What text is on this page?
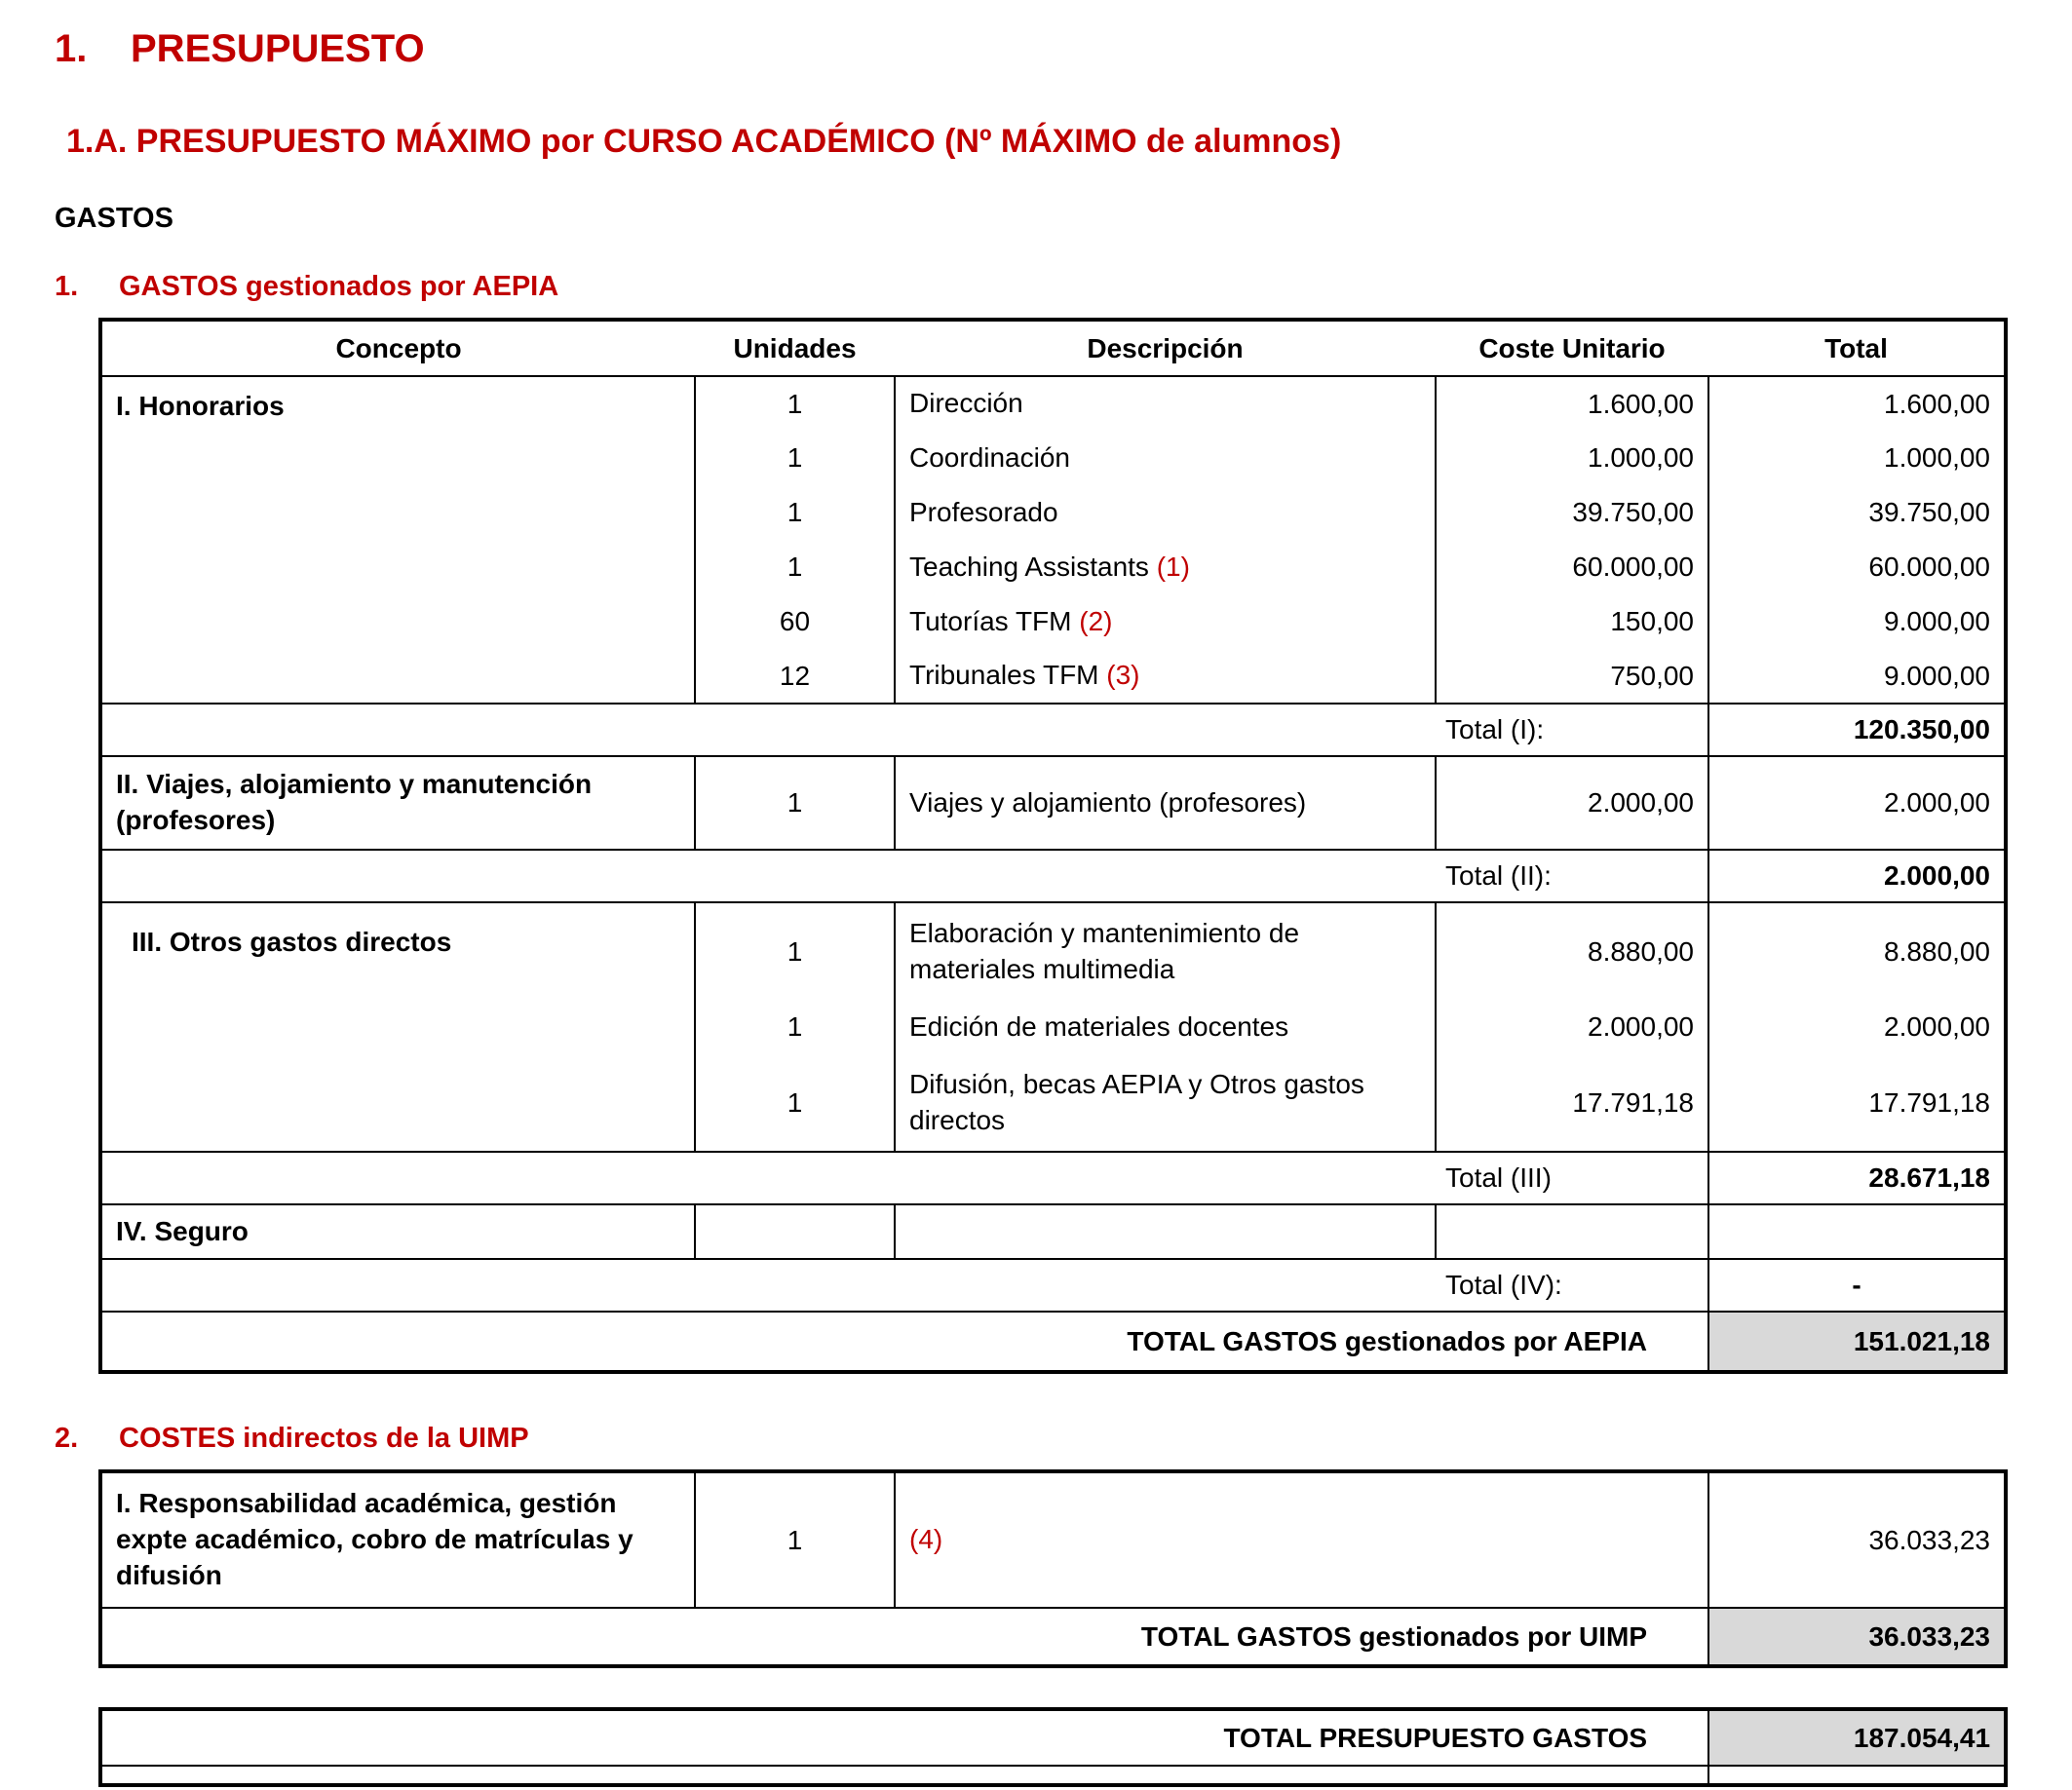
1.	PRESUPUESTO
1.A. PRESUPUESTO MÁXIMO por CURSO ACADÉMICO (Nº MÁXIMO de alumnos)
GASTOS
1.	GASTOS gestionados por AEPIA
Concepto	Unidades	Descripción	Coste Unitario	Total
I. Honorarios	1	Dirección	1.600,00	1.600,00
	1	Coordinación	1.000,00	1.000,00
	1	Profesorado	39.750,00	39.750,00
	1	Teaching Assistants (1)	60.000,00	60.000,00
	60	Tutorías TFM (2)	150,00	9.000,00
	12	Tribunales TFM (3)	750,00	9.000,00
			Total (I):	120.350,00
II. Viajes, alojamiento y manutención (profesores)	1	Viajes y alojamiento (profesores)	2.000,00	2.000,00
			Total (II):	2.000,00
III. Otros gastos directos	1	Elaboración y mantenimiento de materiales multimedia	8.880,00	8.880,00
	1	Edición de materiales docentes	2.000,00	2.000,00
	1	Difusión, becas AEPIA y Otros gastos directos	17.791,18	17.791,18
			Total (III)	28.671,18
IV. Seguro				
			Total (IV):	-
TOTAL GASTOS gestionados por AEPIA				151.021,18
2.	COSTES indirectos de la UIMP
I. Responsabilidad académica, gestión expte académico, cobro de matrículas y difusión	1	(4)	36.033,23
TOTAL GASTOS gestionados por UIMP			36.033,23
TOTAL PRESUPUESTO GASTOS	187.054,41
